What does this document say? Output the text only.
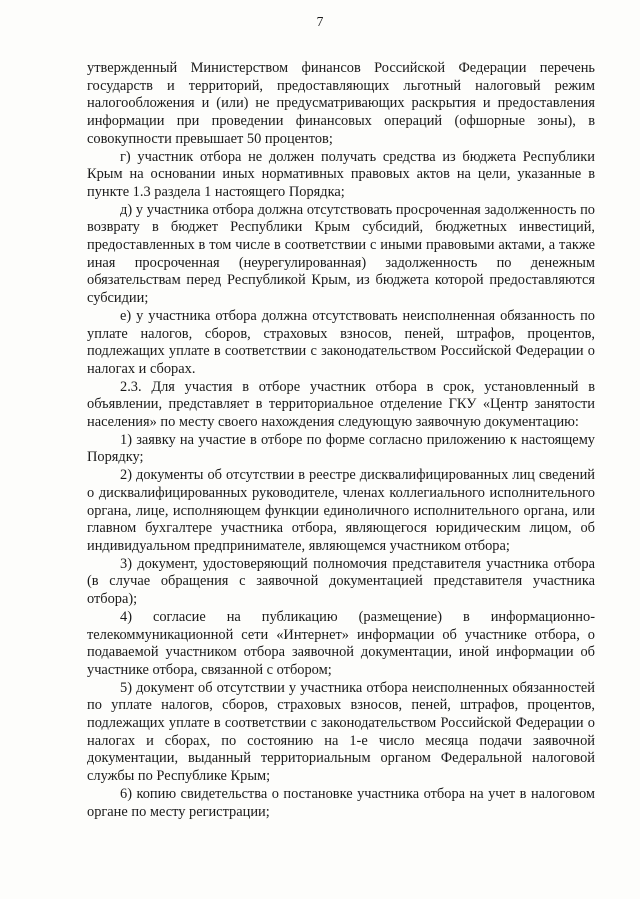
7

утвержденный Министерством финансов Российской Федерации перечень государств и территорий, предоставляющих льготный налоговый режим налогообложения и (или) не предусматривающих раскрытия и предоставления информации при проведении финансовых операций (офшорные зоны), в совокупности превышает 50 процентов;

г) участник отбора не должен получать средства из бюджета Республики Крым на основании иных нормативных правовых актов на цели, указанные в пункте 1.3 раздела 1 настоящего Порядка;

д) у участника отбора должна отсутствовать просроченная задолженность по возврату в бюджет Республики Крым субсидий, бюджетных инвестиций, предоставленных в том числе в соответствии с иными правовыми актами, а также иная просроченная (неурегулированная) задолженность по денежным обязательствам перед Республикой Крым, из бюджета которой предоставляются субсидии;

е) у участника отбора должна отсутствовать неисполненная обязанность по уплате налогов, сборов, страховых взносов, пеней, штрафов, процентов, подлежащих уплате в соответствии с законодательством Российской Федерации о налогах и сборах.

2.3. Для участия в отборе участник отбора в срок, установленный в объявлении, представляет в территориальное отделение ГКУ «Центр занятости населения» по месту своего нахождения следующую заявочную документацию:

1) заявку на участие в отборе по форме согласно приложению к настоящему Порядку;

2) документы об отсутствии в реестре дисквалифицированных лиц сведений о дисквалифицированных руководителе, членах коллегиального исполнительного органа, лице, исполняющем функции единоличного исполнительного органа, или главном бухгалтере участника отбора, являющегося юридическим лицом, об индивидуальном предпринимателе, являющемся участником отбора;

3) документ, удостоверяющий полномочия представителя участника отбора (в случае обращения с заявочной документацией представителя участника отбора);

4) согласие на публикацию (размещение) в информационно-телекоммуникационной сети «Интернет» информации об участнике отбора, о подаваемой участником отбора заявочной документации, иной информации об участнике отбора, связанной с отбором;

5) документ об отсутствии у участника отбора неисполненных обязанностей по уплате налогов, сборов, страховых взносов, пеней, штрафов, процентов, подлежащих уплате в соответствии с законодательством Российской Федерации о налогах и сборах, по состоянию на 1-е число месяца подачи заявочной документации, выданный территориальным органом Федеральной налоговой службы по Республике Крым;

6) копию свидетельства о постановке участника отбора на учет в налоговом органе по месту регистрации;
